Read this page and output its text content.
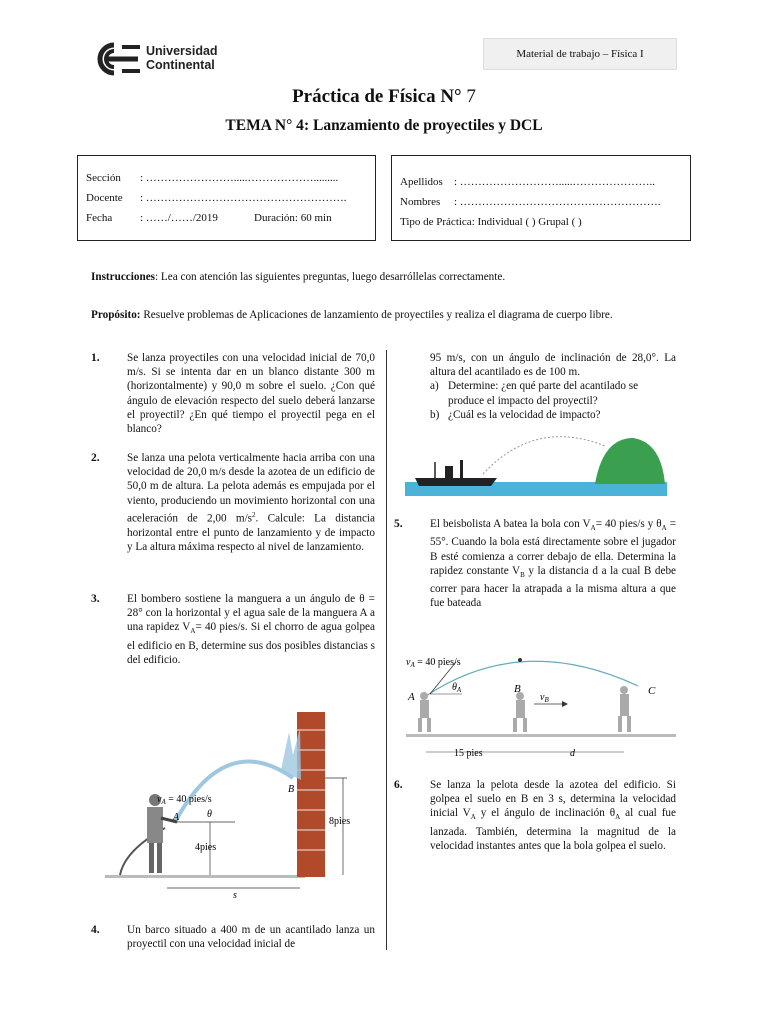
Universidad
Continental
Material de trabajo – Física I
Práctica de Física N° 7
TEMA N° 4: Lanzamiento de proyectiles y DCL
Sección : …………………….....……………….........
Docente : ……………………………………………….
Fecha	: ……/……/2019	Duración: 60 min
Apellidos : ……………………….....…………………..
Nombres : ……………………………………………….
Tipo de Práctica: Individual ( ) Grupal ( )
Instrucciones: Lea con atención las siguientes preguntas, luego desarróllelas correctamente.
Propósito: Resuelve problemas de Aplicaciones de lanzamiento de proyectiles y realiza el diagrama de cuerpo libre.
1. Se lanza proyectiles con una velocidad inicial de 70,0 m/s. Si se intenta dar en un blanco distante 300 m (horizontalmente) y 90,0 m sobre el suelo. ¿Con qué ángulo de elevación respecto del suelo deberá lanzarse el proyectil? ¿En qué tiempo el proyectil pega en el blanco?
2. Se lanza una pelota verticalmente hacia arriba con una velocidad de 20,0 m/s desde la azotea de un edificio de 50,0 m de altura. La pelota además es empujada por el viento, produciendo un movimiento horizontal con una aceleración de 2,00 $m/s^2$. Calcule: La distancia horizontal entre el punto de lanzamiento y de impacto y La altura máxima respecto al nivel de lanzamiento.
3. El bombero sostiene la manguera a un ángulo de θ = 28° con la horizontal y el agua sale de la manguera A a una rapidez $V_A= 40$ pies/s. Si el chorro de agua golpea el edificio en B, determine sus dos posibles distancias s del edificio.
$v_A = 40$ pies/s
θ
A
B
4pies
8pies
s
4. Un barco situado a 400 m de un acantilado lanza un proyectil con una velocidad inicial de
95 m/s, con un ángulo de inclinación de 28,0°. La altura del acantilado es de 100 m.
a) Determine: ¿en qué parte del acantilado se produce el impacto del proyectil?
b) ¿Cuál es la velocidad de impacto?
5. El beisbolista A batea la bola con $V_A= 40$ pies/s y $\theta_A = 55^\circ$. Cuando la bola está directamente sobre el jugador B esté comienza a correr debajo de ella. Determina la rapidez constante $V_B$ y la distancia d a la cual B debe correr para hacer la atrapada a la misma altura a que fue bateada
$v_A = 40$ pies/s
$\theta_A$
A
B	C
$v_B$
15 pies	d
6. Se lanza la pelota desde la azotea del edificio. Si golpea el suelo en B en 3 s, determina la velocidad inicial $V_A$ y el ángulo de inclinación $\theta_A$ al cual fue lanzada. También, determina la magnitud de la velocidad instantes antes que la bola golpea el suelo.
